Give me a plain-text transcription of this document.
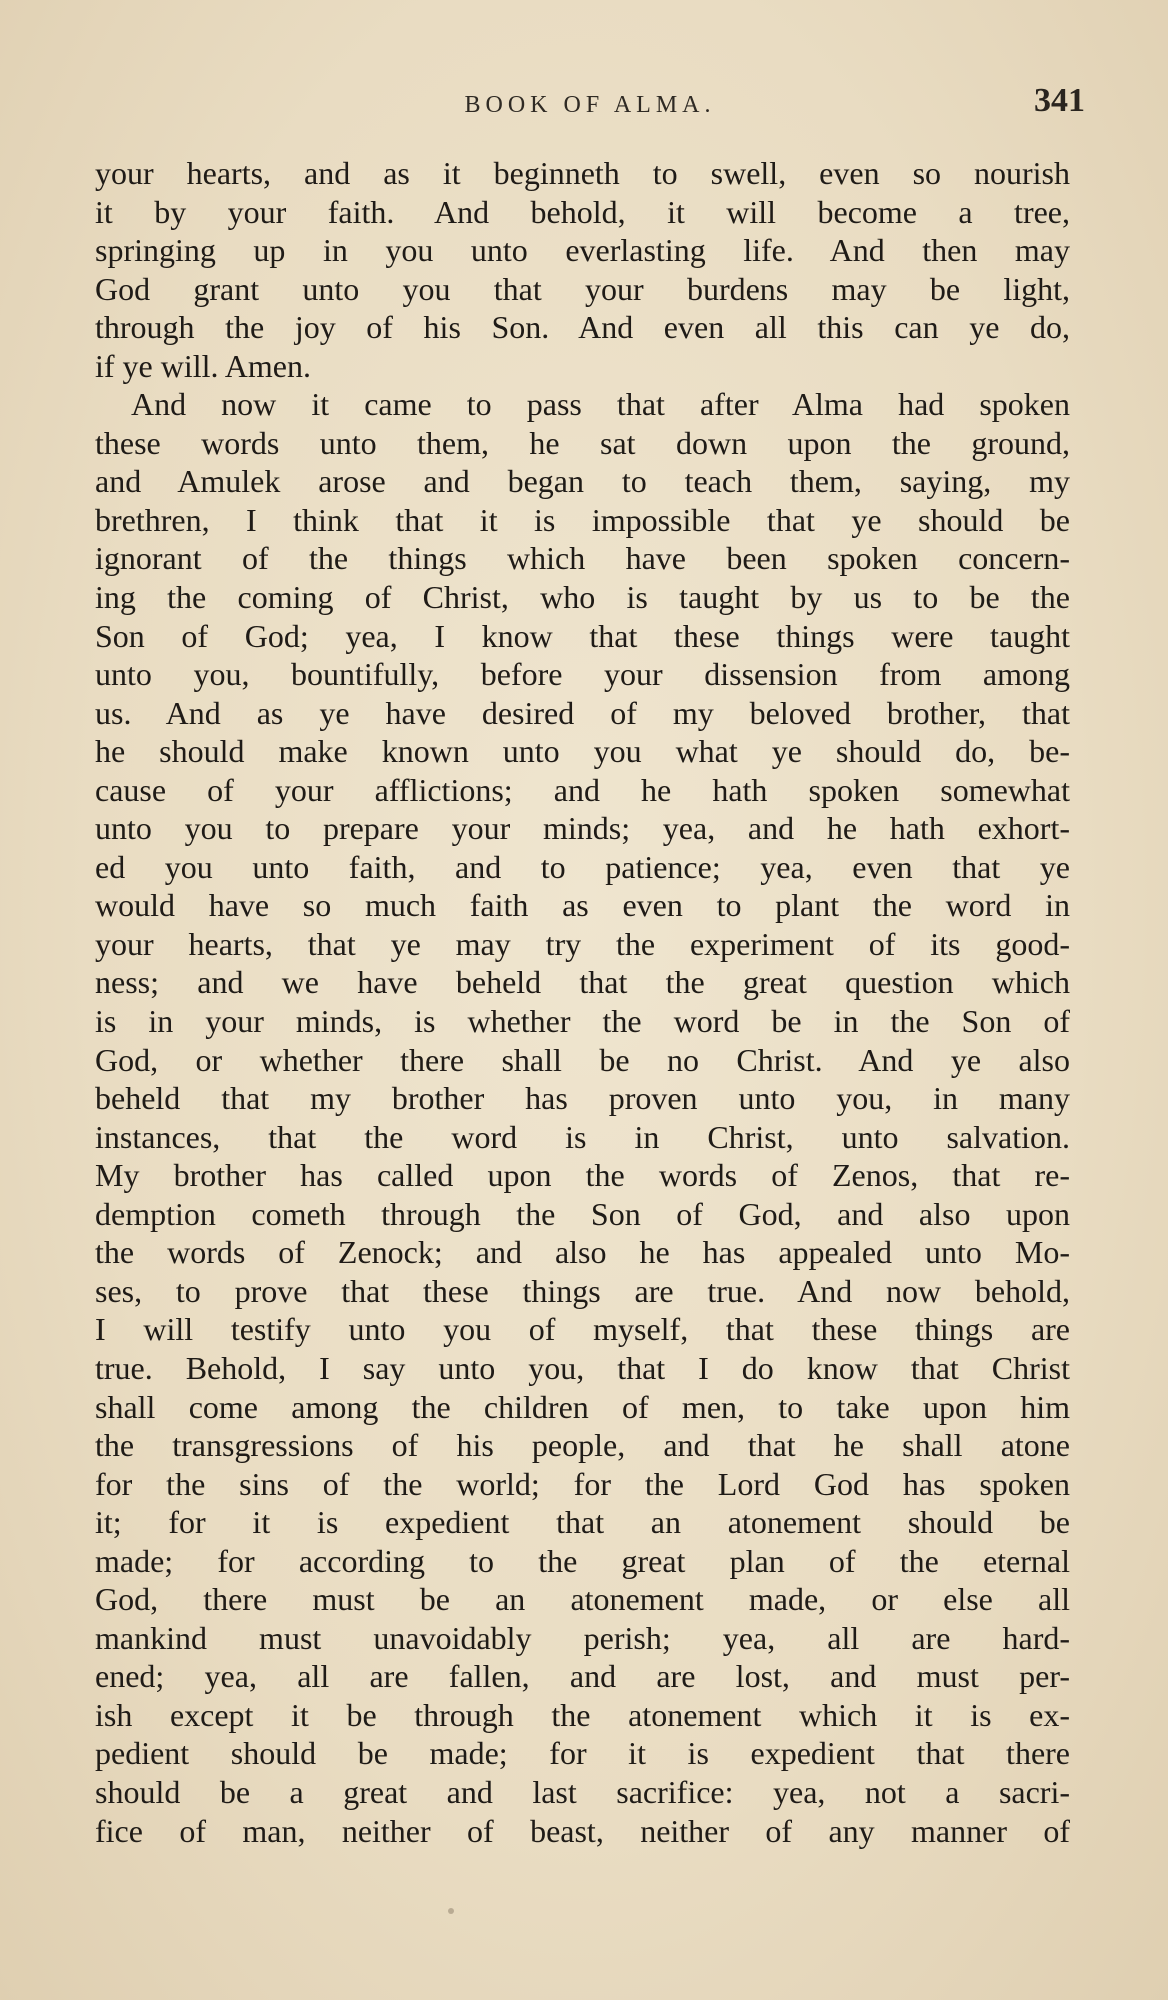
BOOK OF ALMA.	341
your hearts, and as it beginneth to swell, even so nourish
it by your faith. And behold, it will become a tree,
springing up in you unto everlasting life. And then may
God grant unto you that your burdens may be light,
through the joy of his Son. And even all this can ye do,
if ye will. Amen.
And now it came to pass that after Alma had spoken
these words unto them, he sat down upon the ground,
and Amulek arose and began to teach them, saying, my
brethren, I think that it is impossible that ye should be
ignorant of the things which have been spoken concern-
ing the coming of Christ, who is taught by us to be the
Son of God; yea, I know that these things were taught
unto you, bountifully, before your dissension from among
us. And as ye have desired of my beloved brother, that
he should make known unto you what ye should do, be-
cause of your afflictions; and he hath spoken somewhat
unto you to prepare your minds; yea, and he hath exhort-
ed you unto faith, and to patience; yea, even that ye
would have so much faith as even to plant the word in
your hearts, that ye may try the experiment of its good-
ness; and we have beheld that the great question which
is in your minds, is whether the word be in the Son of
God, or whether there shall be no Christ. And ye also
beheld that my brother has proven unto you, in many
instances, that the word is in Christ, unto salvation.
My brother has called upon the words of Zenos, that re-
demption cometh through the Son of God, and also upon
the words of Zenock; and also he has appealed unto Mo-
ses, to prove that these things are true. And now behold,
I will testify unto you of myself, that these things are
true. Behold, I say unto you, that I do know that Christ
shall come among the children of men, to take upon him
the transgressions of his people, and that he shall atone
for the sins of the world; for the Lord God has spoken
it; for it is expedient that an atonement should be
made; for according to the great plan of the eternal
God, there must be an atonement made, or else all
mankind must unavoidably perish; yea, all are hard-
ened; yea, all are fallen, and are lost, and must per-
ish except it be through the atonement which it is ex-
pedient should be made; for it is expedient that there
should be a great and last sacrifice: yea, not a sacri-
fice of man, neither of beast, neither of any manner of
